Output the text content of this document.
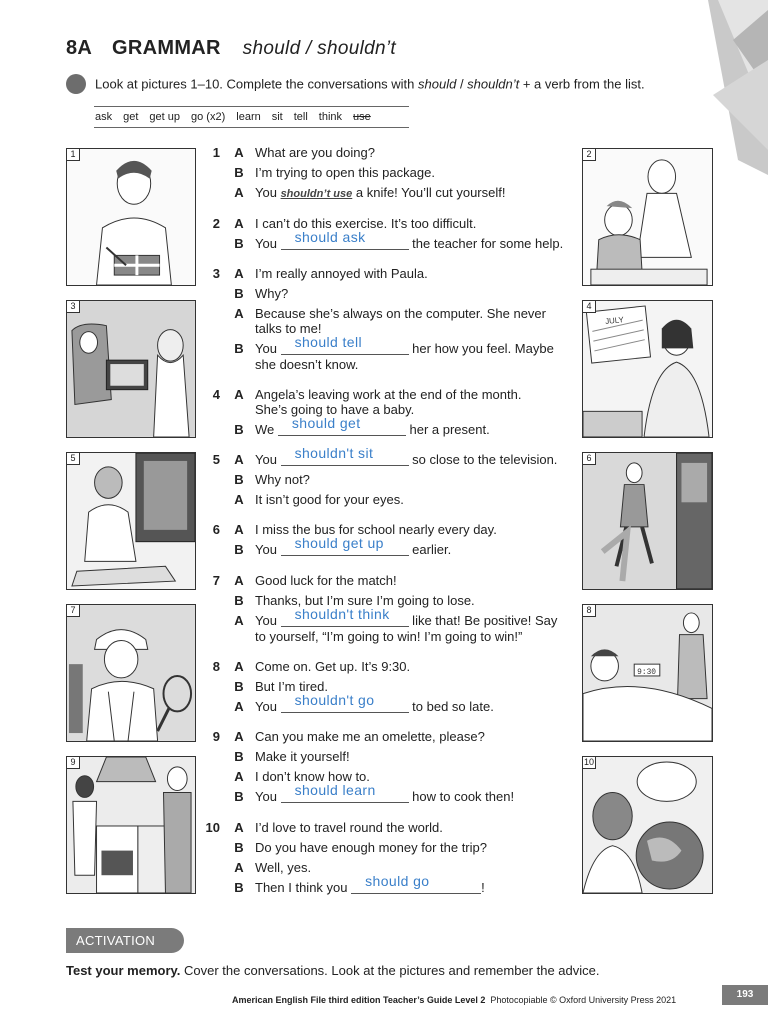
8A GRAMMAR should / shouldn’t
Look at pictures 1–10. Complete the conversations with should / shouldn’t + a verb from the list.
ask get get up go (x2) learn sit tell think use
1
3
5
7
9
2
4
JULY
6
8
9:30
10
1 A What are you doing?
B I’m trying to open this package.
A You shouldn’t use a knife! You’ll cut yourself!
2 A I can’t do this exercise. It’s too difficult.
B You should ask	the teacher for some help.
3 A I’m really annoyed with Paula.
B Why?
A Because she’s always on the computer. She never
talks to me!
B You should tell	her how you feel. Maybe
she doesn’t know.
4 A Angela’s leaving work at the end of the month.
She’s going to have a baby.
B We should get	her a present.
5 A You shouldn't sit	so close to the television.
B Why not?
A It isn’t good for your eyes.
6 A I miss the bus for school nearly every day.
B You should get up earlier.
7 A Good luck for the match!
B Thanks, but I’m sure I’m going to lose.
A You shouldn't think like that! Be positive! Say
to yourself, “I’m going to win! I’m going to win!”
8 A Come on. Get up. It’s 9:30.
B But I’m tired.
A You shouldn't go	to bed so late.
9 A Can you make me an omelette, please?
B Make it yourself!
A I don’t know how to.
B You should learn	how to cook then!
10 A I’d love to travel round the world.
B Do you have enough money for the trip?
A Well, yes.
B Then I think you should go	!
ACTIVATION
Test your memory. Cover the conversations. Look at the pictures and remember the advice.
American English File third edition Teacher’s Guide Level 2 Photocopiable © Oxford University Press 2021	193
